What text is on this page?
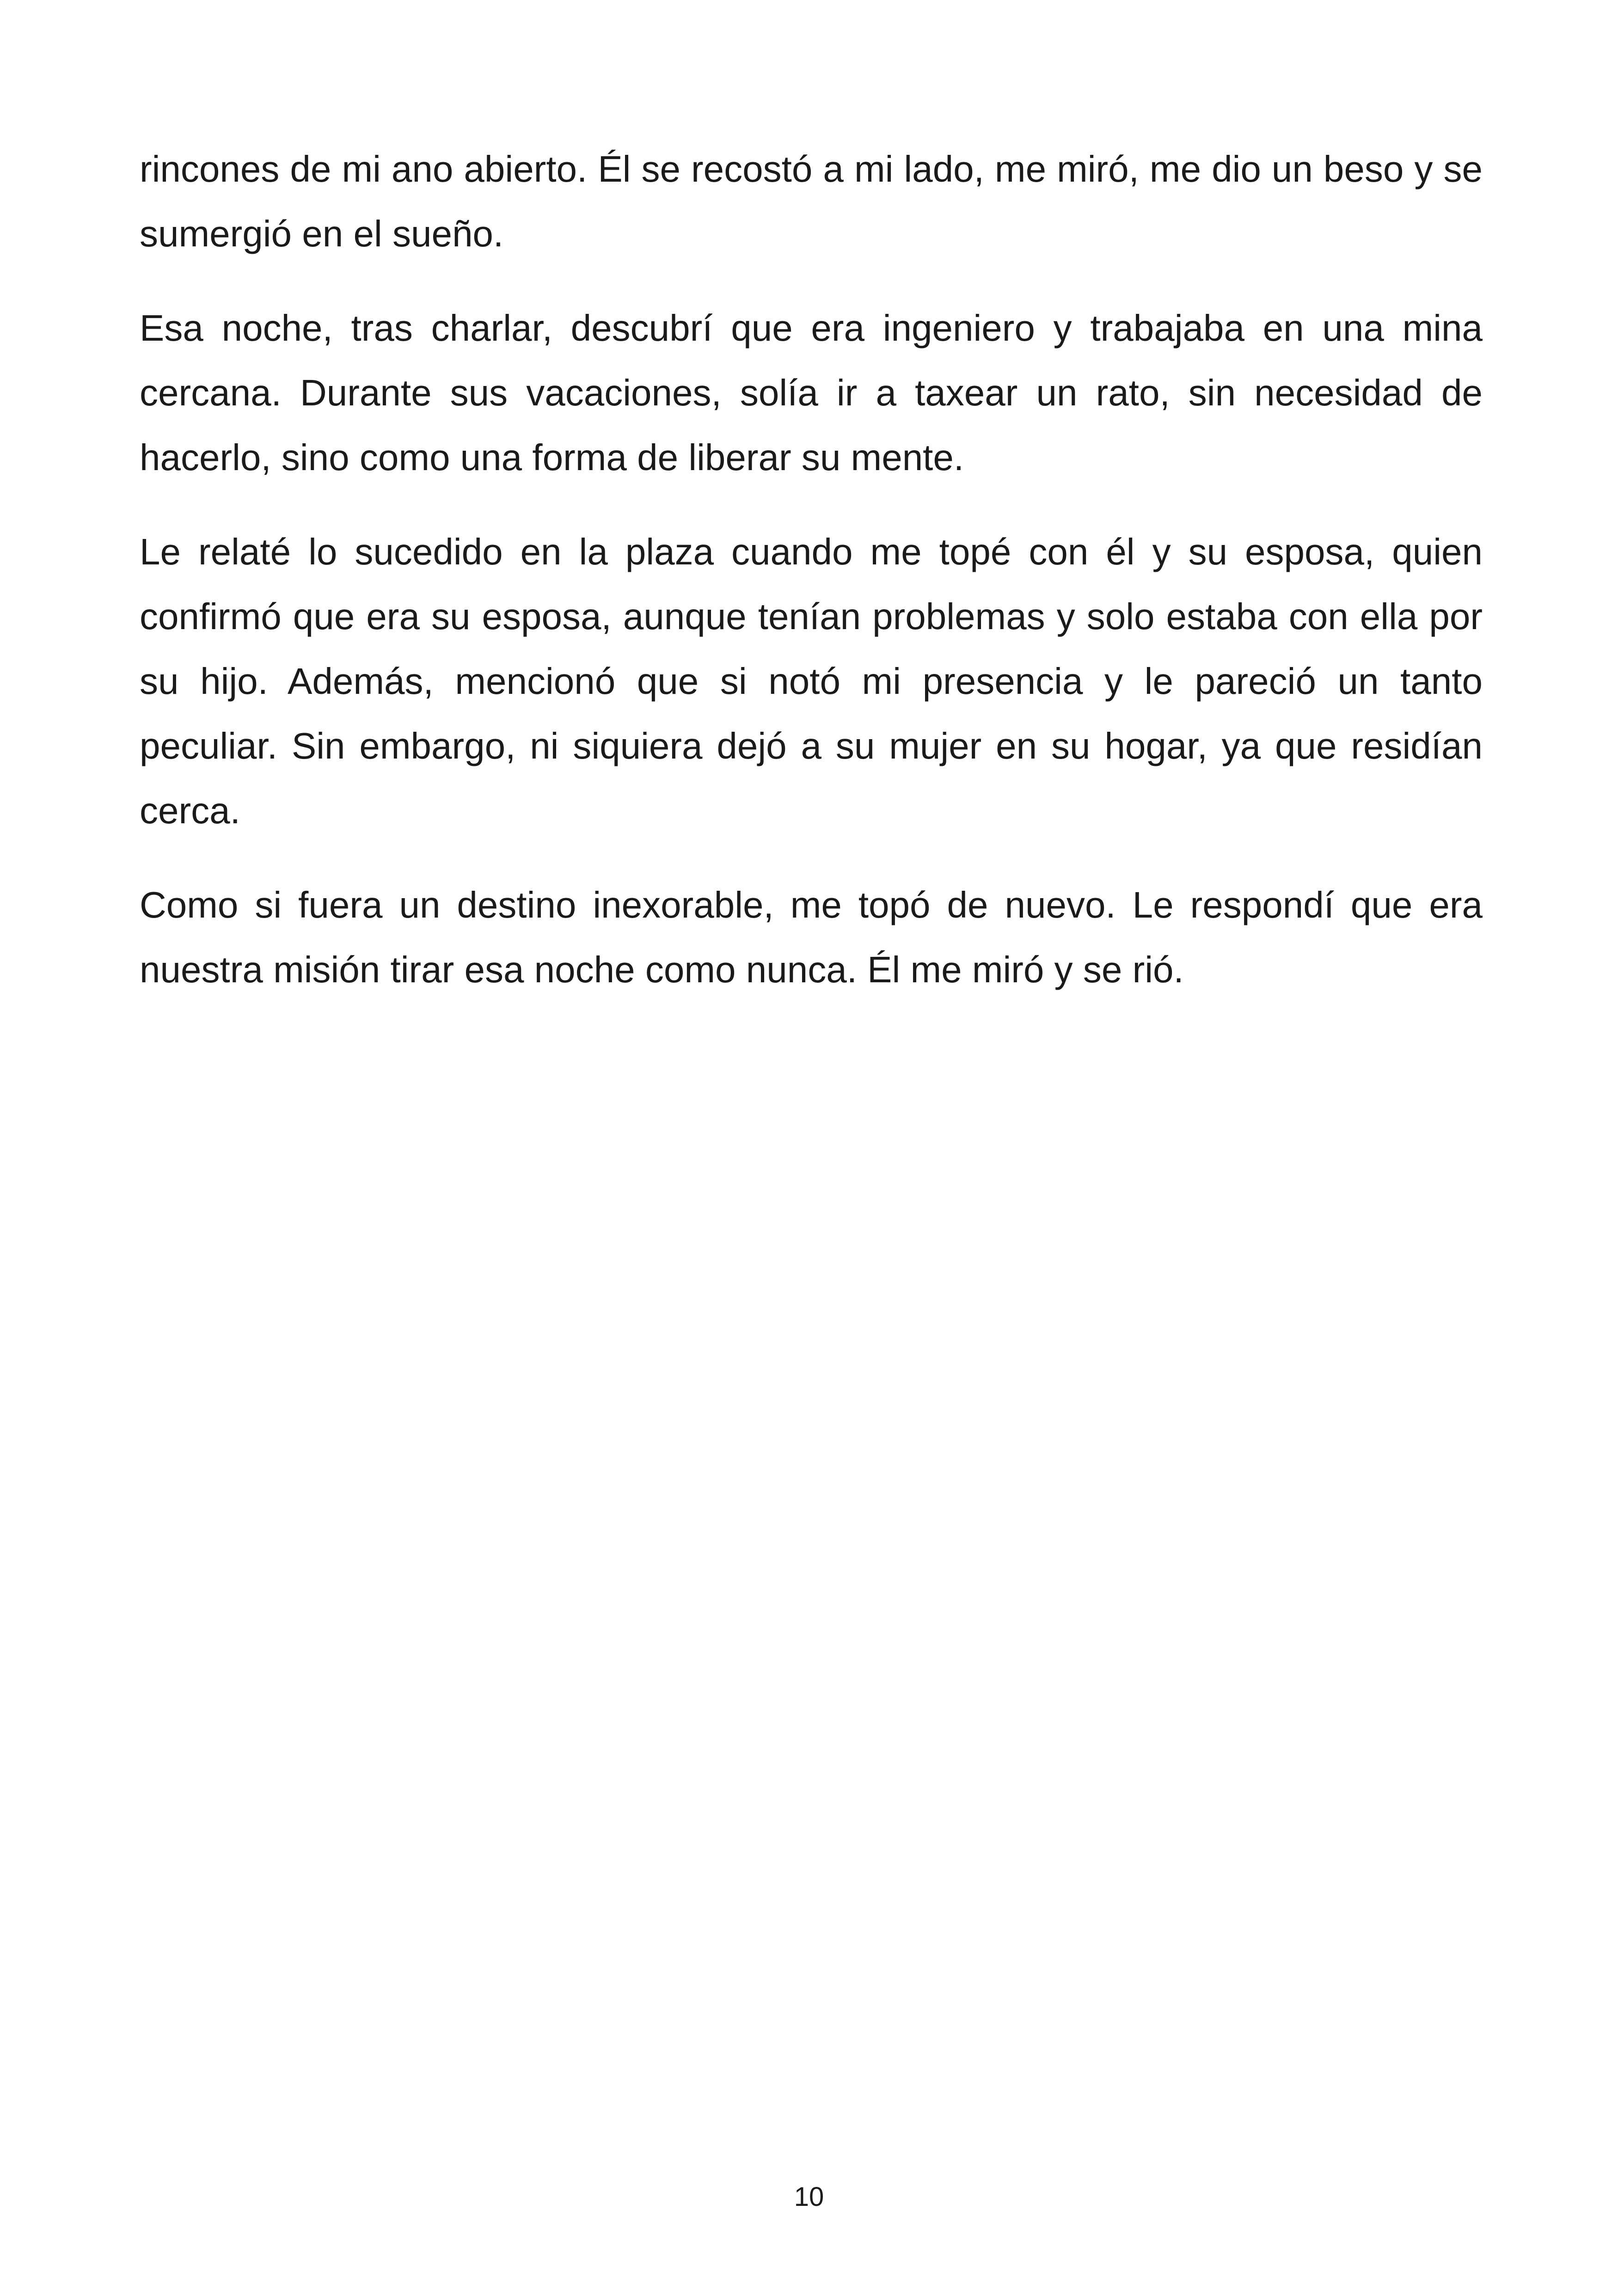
rincones de mi ano abierto. Él se recostó a mi lado, me miró, me dio un beso y se sumergió en el sueño.

Esa noche, tras charlar, descubrí que era ingeniero y trabajaba en una mina cercana. Durante sus vacaciones, solía ir a taxear un rato, sin necesidad de hacerlo, sino como una forma de liberar su mente.

Le relaté lo sucedido en la plaza cuando me topé con él y su esposa, quien confirmó que era su esposa, aunque tenían problemas y solo estaba con ella por su hijo. Además, mencionó que si notó mi presencia y le pareció un tanto peculiar. Sin embargo, ni siquiera dejó a su mujer en su hogar, ya que residían cerca.

Como si fuera un destino inexorable, me topó de nuevo. Le respondí que era nuestra misión tirar esa noche como nunca. Él me miró y se rió.

10
